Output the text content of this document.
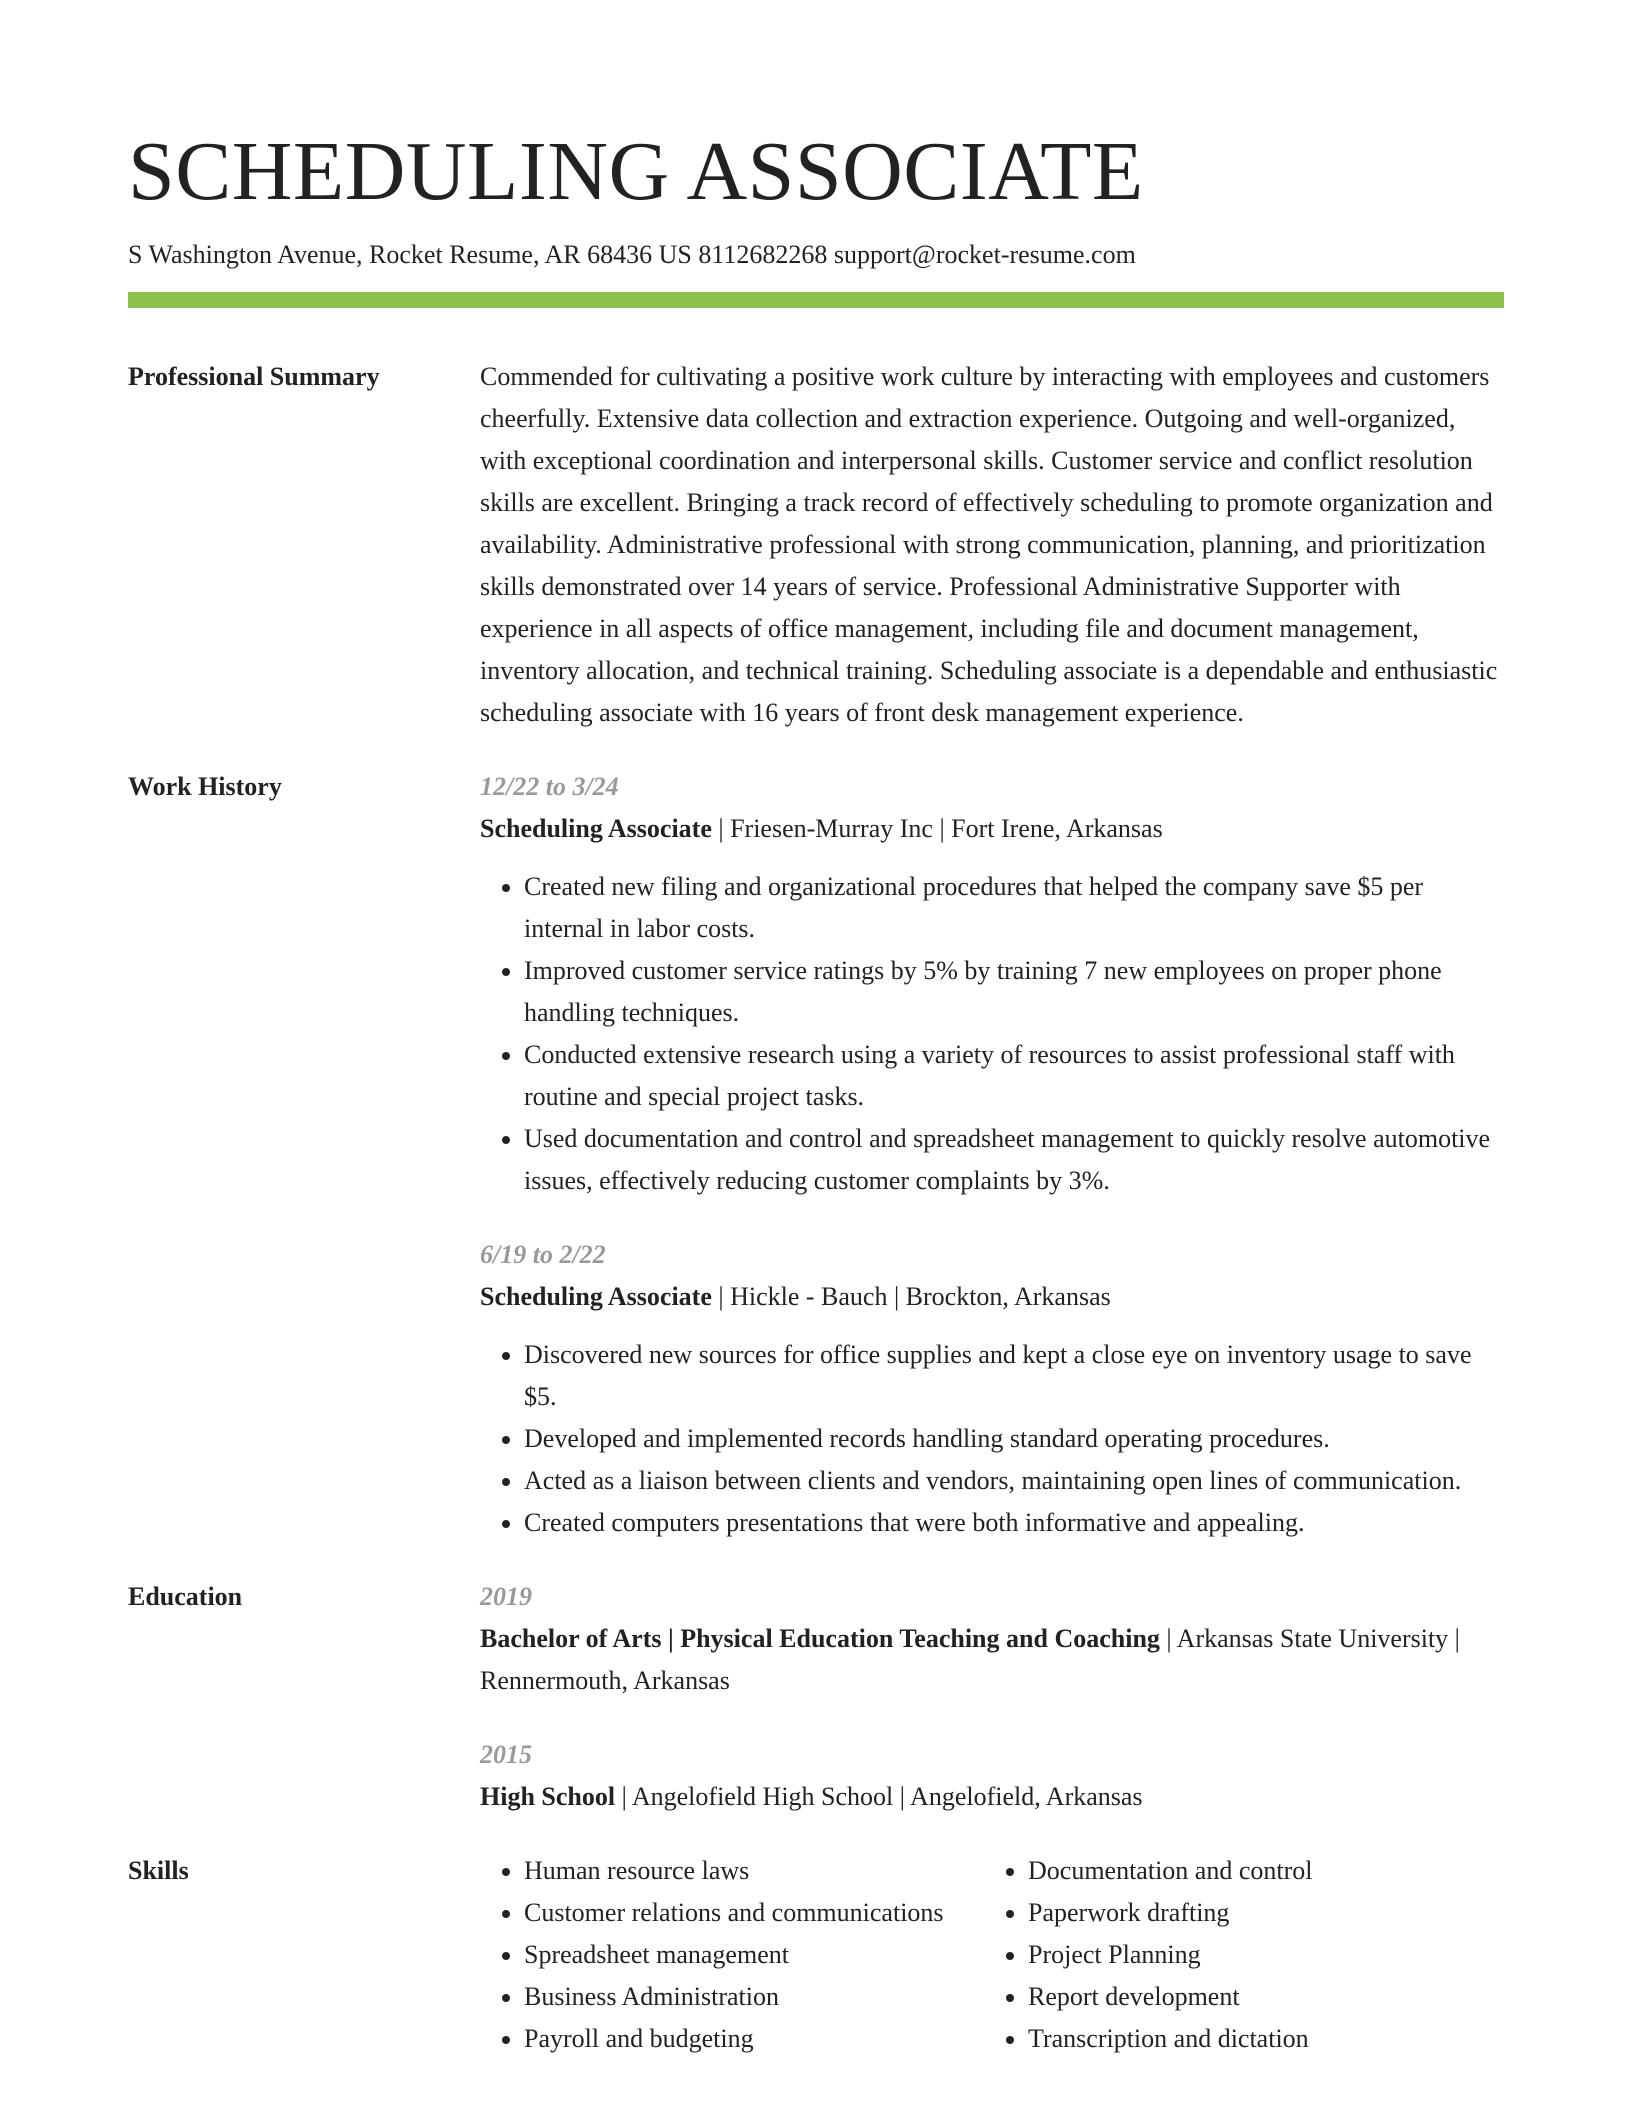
SCHEDULING ASSOCIATE
S Washington Avenue, Rocket Resume, AR 68436 US 8112682268 support@rocket-resume.com
Professional Summary	Commended for cultivating a positive work culture by interacting with employees and customers cheerfully. Extensive data collection and extraction experience. Outgoing and well-organized, with exceptional coordination and interpersonal skills. Customer service and conflict resolution skills are excellent. Bringing a track record of effectively scheduling to promote organization and availability. Administrative professional with strong communication, planning, and prioritization skills demonstrated over 14 years of service. Professional Administrative Supporter with experience in all aspects of office management, including file and document management, inventory allocation, and technical training. Scheduling associate is a dependable and enthusiastic scheduling associate with 16 years of front desk management experience.

Work History	12/22 to 3/24
Scheduling Associate | Friesen-Murray Inc | Fort Irene, Arkansas
• Created new filing and organizational procedures that helped the company save $5 per internal in labor costs.
• Improved customer service ratings by 5% by training 7 new employees on proper phone handling techniques.
• Conducted extensive research using a variety of resources to assist professional staff with routine and special project tasks.
• Used documentation and control and spreadsheet management to quickly resolve automotive issues, effectively reducing customer complaints by 3%.
6/19 to 2/22
Scheduling Associate | Hickle - Bauch | Brockton, Arkansas
• Discovered new sources for office supplies and kept a close eye on inventory usage to save $5.
• Developed and implemented records handling standard operating procedures.
• Acted as a liaison between clients and vendors, maintaining open lines of communication.
• Created computers presentations that were both informative and appealing.
Education	2019
Bachelor of Arts | Physical Education Teaching and Coaching | Arkansas State University | Rennermouth, Arkansas
2015
High School | Angelofield High School | Angelofield, Arkansas
Skills
•	Human resource laws
• Customer relations and communications
• Spreadsheet management
• Business Administration
• Payroll and budgeting
• Documentation and control
• Paperwork drafting
• Project Planning
• Report development
• Transcription and dictation
